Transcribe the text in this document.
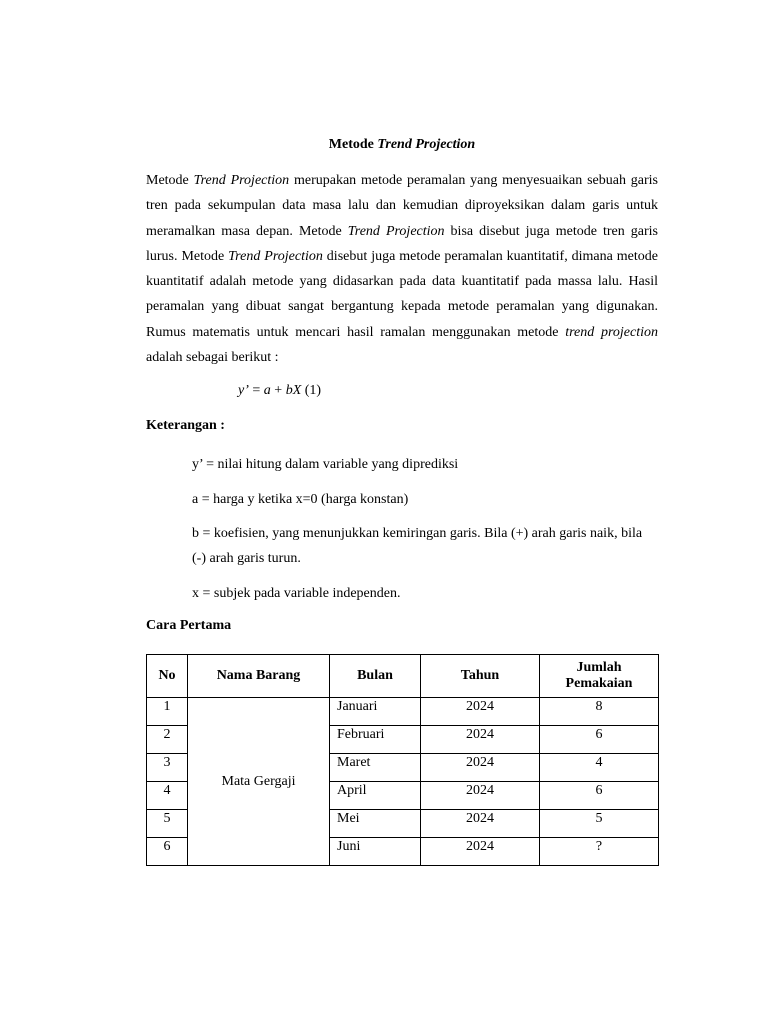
Metode Trend Projection
Metode Trend Projection merupakan metode peramalan yang menyesuaikan sebuah garis tren pada sekumpulan data masa lalu dan kemudian diproyeksikan dalam garis untuk meramalkan masa depan. Metode Trend Projection bisa disebut juga metode tren garis lurus. Metode Trend Projection disebut juga metode peramalan kuantitatif, dimana metode kuantitatif adalah metode yang didasarkan pada data kuantitatif pada massa lalu. Hasil peramalan yang dibuat sangat bergantung kepada metode peramalan yang digunakan. Rumus matematis untuk mencari hasil ramalan menggunakan metode trend projection adalah sebagai berikut :
y’ = a + bX (1)
Keterangan :
y’ = nilai hitung dalam variable yang diprediksi
a = harga y ketika x=0 (harga konstan)
b = koefisien, yang menunjukkan kemiringan garis. Bila (+) arah garis naik, bila (-) arah garis turun.
x = subjek pada variable independen.
Cara Pertama
No	Nama Barang	Bulan	Tahun	Jumlah Pemakaian
1	Mata Gergaji	Januari	2024	8
2		Februari	2024	6
3		Maret	2024	4
4		April	2024	6
5		Mei	2024	5
6		Juni	2024	?
